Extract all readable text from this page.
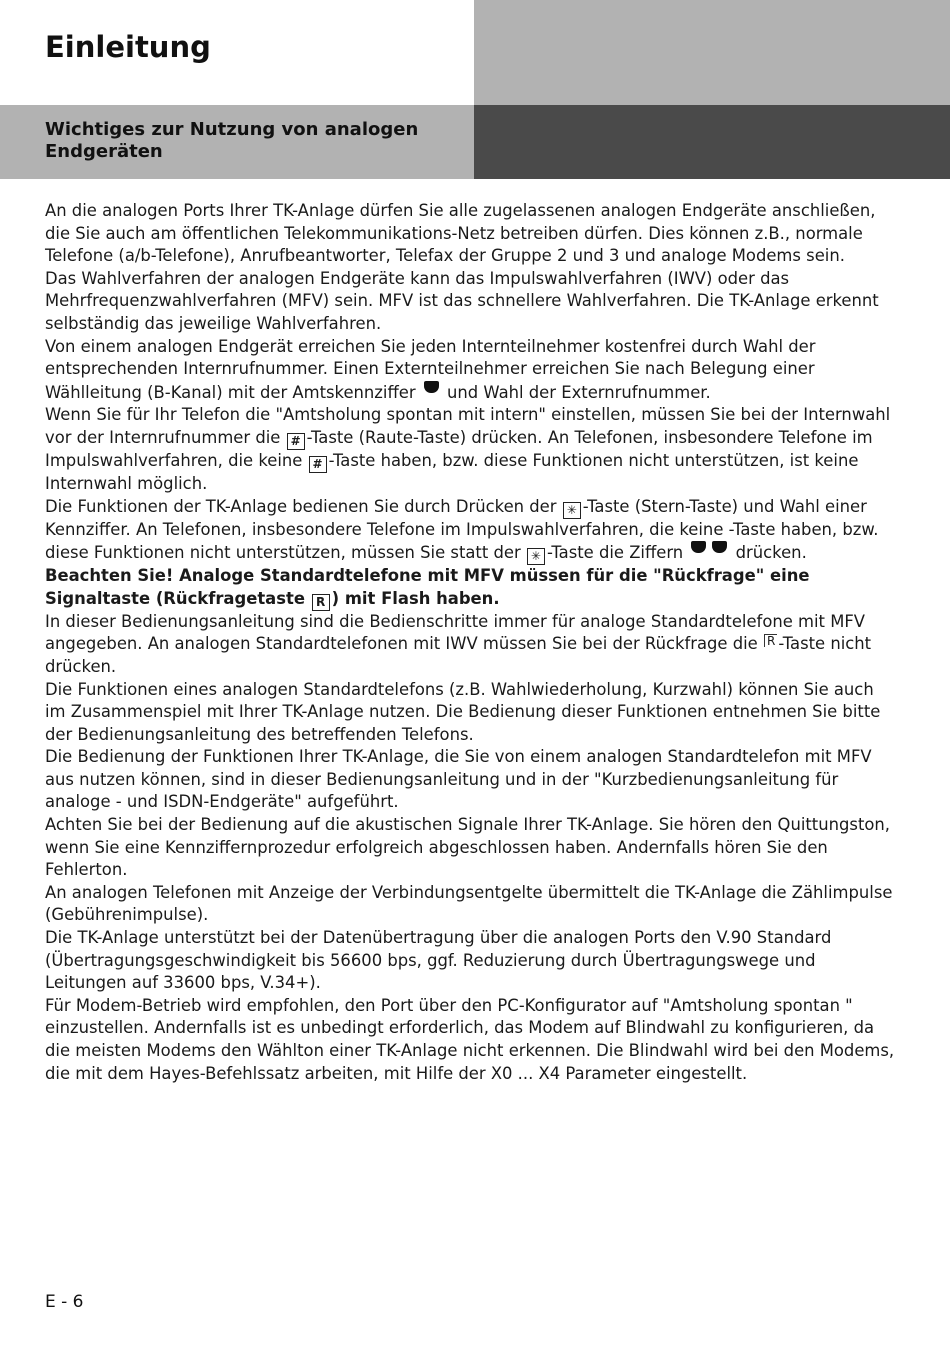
Einleitung
Wichtiges zur Nutzung von analogen Endgeräten

An die analogen Ports Ihrer TK-Anlage dürfen Sie alle zugelassenen analogen Endgeräte anschließen, die Sie auch am öffentlichen Telekommunikations-Netz betreiben dürfen. Dies können z.B., normale Telefone (a/b-Telefone), Anrufbeantworter, Telefax der Gruppe 2 und 3 und analoge Modems sein.

Das Wahlverfahren der analogen Endgeräte kann das Impulswahlverfahren (IWV) oder das Mehrfrequenzwahlverfahren (MFV) sein. MFV ist das schnellere Wahlverfahren. Die TK-Anlage erkennt selbständig das jeweilige Wahlverfahren.

Von einem analogen Endgerät erreichen Sie jeden Internteilnehmer kostenfrei durch Wahl der entsprechenden Internrufnummer. Einen Externteilnehmer erreichen Sie nach Belegung einer Wählleitung (B-Kanal) mit der Amtskennziffer und Wahl der Externrufnummer.

Wenn Sie für Ihr Telefon die "Amtsholung spontan mit intern" einstellen, müssen Sie bei der Internwahl vor der Internrufnummer die # -Taste (Raute-Taste) drücken. An Telefonen, insbesondere Telefone im Impulswahlverfahren, die keine # -Taste haben, bzw. diese Funktionen nicht unterstützen, ist keine Internwahl möglich.

Die Funktionen der TK-Anlage bedienen Sie durch Drücken der ✳ -Taste (Stern-Taste) und Wahl einer Kennziffer. An Telefonen, insbesondere Telefone im Impulswahlverfahren, die keine -Taste haben, bzw. diese Funktionen nicht unterstützen, müssen Sie statt der ✳ -Taste die Ziffern	drücken.

Beachten Sie! Analoge Standardtelefone mit MFV müssen für die "Rückfrage" eine Signaltaste (Rückfragetaste R ) mit Flash haben.

In dieser Bedienungsanleitung sind die Bedienschritte immer für analoge Standardtelefone mit MFV angegeben. An analogen Standardtelefonen mit IWV müssen Sie bei der Rückfrage die R -Taste nicht drücken.

Die Funktionen eines analogen Standardtelefons (z.B. Wahlwiederholung, Kurzwahl) können Sie auch im Zusammenspiel mit Ihrer TK-Anlage nutzen. Die Bedienung dieser Funktionen entnehmen Sie bitte der Bedienungsanleitung des betreffenden Telefons.

Die Bedienung der Funktionen Ihrer TK-Anlage, die Sie von einem analogen Standardtelefon mit MFV aus nutzen können, sind in dieser Bedienungsanleitung und in der "Kurzbedienungsanleitung für analoge - und ISDN-Endgeräte" aufgeführt.

Achten Sie bei der Bedienung auf die akustischen Signale Ihrer TK-Anlage. Sie hören den Quittungston, wenn Sie eine Kennziffernprozedur erfolgreich abgeschlossen haben. Andernfalls hören Sie den Fehlerton.

An analogen Telefonen mit Anzeige der Verbindungsentgelte übermittelt die TK-Anlage die Zählimpulse (Gebührenimpulse).

Die TK-Anlage unterstützt bei der Datenübertragung über die analogen Ports den V.90 Standard (Übertragungsgeschwindigkeit bis 56600 bps, ggf. Reduzierung durch Übertragungswege und Leitungen auf 33600 bps, V.34+).

Für Modem-Betrieb wird empfohlen, den Port über den PC-Konfigurator auf "Amtsholung spontan " einzustellen. Andernfalls ist es unbedingt erforderlich, das Modem auf Blindwahl zu konfigurieren, da die meisten Modems den Wählton einer TK-Anlage nicht erkennen. Die Blindwahl wird bei den Modems, die mit dem Hayes-Befehlssatz arbeiten, mit Hilfe der X0 ... X4 Parameter eingestellt.

E - 6
